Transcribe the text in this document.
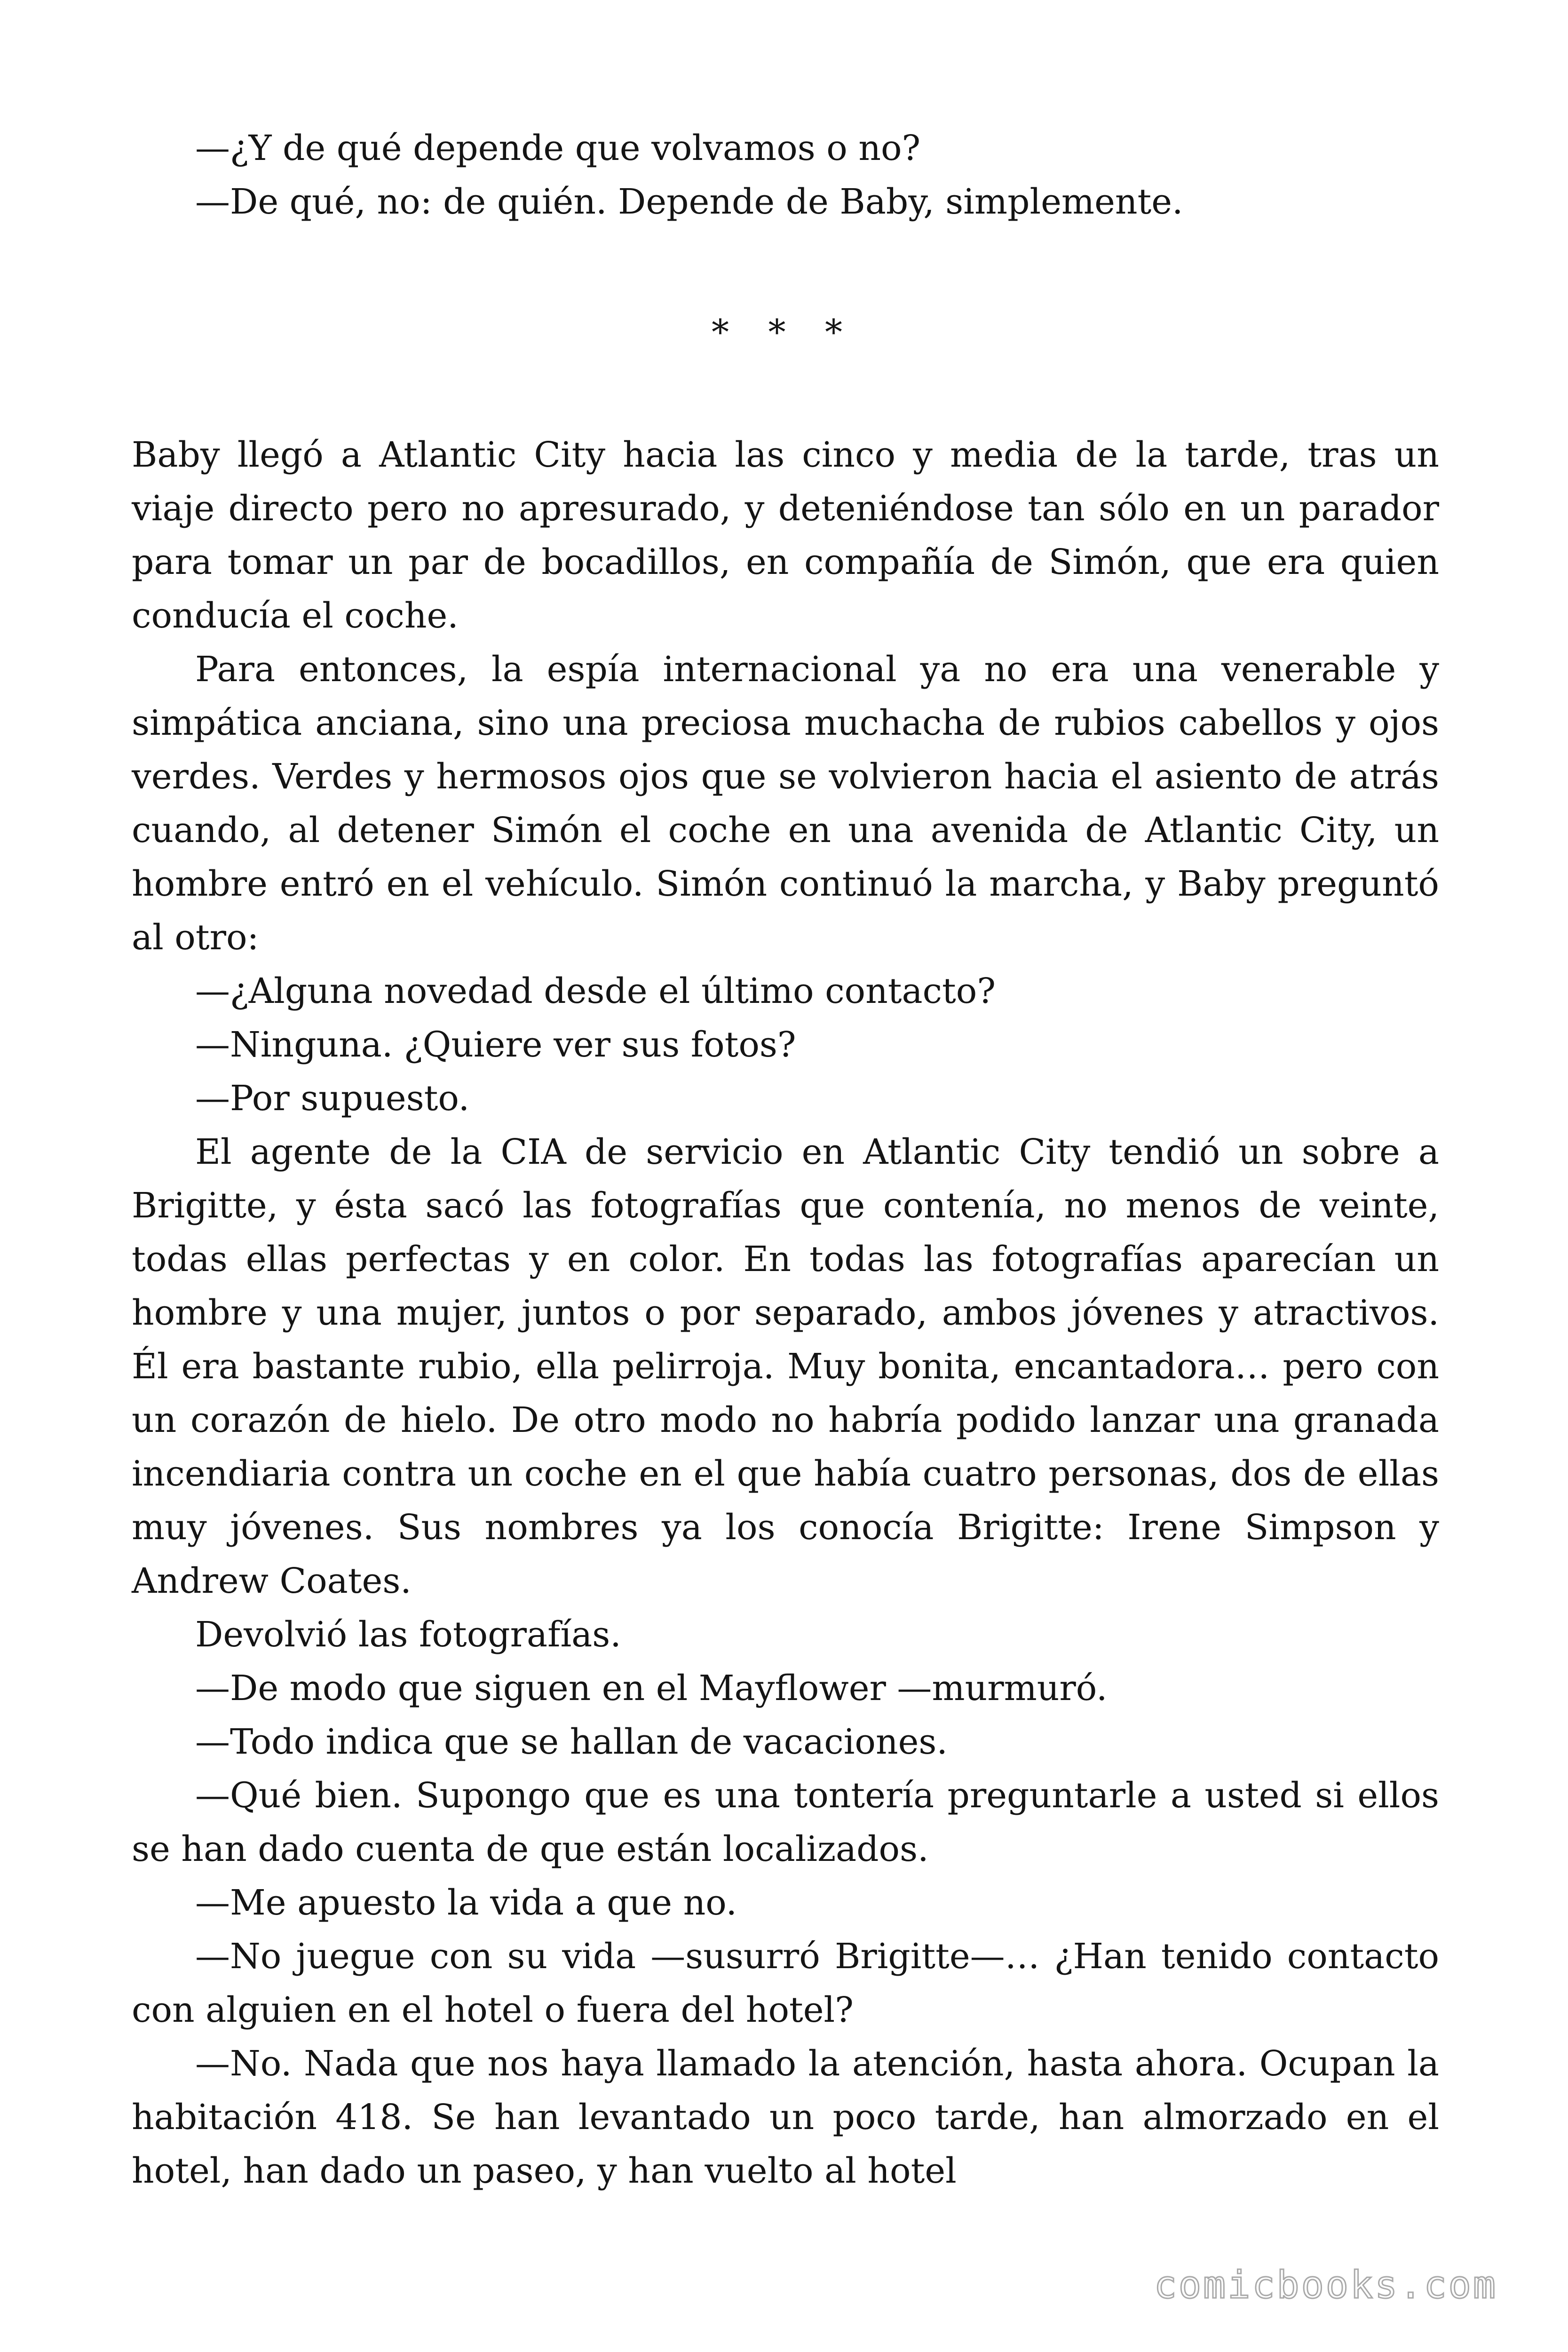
—¿Y de qué depende que volvamos o no?

—De qué, no: de quién. Depende de Baby, simplemente.

* * *

Baby llegó a Atlantic City hacia las cinco y media de la tarde, tras un viaje directo pero no apresurado, y deteniéndose tan sólo en un parador para tomar un par de bocadillos, en compañía de Simón, que era quien conducía el coche.

Para entonces, la espía internacional ya no era una venerable y simpática anciana, sino una preciosa muchacha de rubios cabellos y ojos verdes. Verdes y hermosos ojos que se volvieron hacia el asiento de atrás cuando, al detener Simón el coche en una avenida de Atlantic City, un hombre entró en el vehículo. Simón continuó la marcha, y Baby preguntó al otro:

—¿Alguna novedad desde el último contacto?

—Ninguna. ¿Quiere ver sus fotos?

—Por supuesto.

El agente de la CIA de servicio en Atlantic City tendió un sobre a Brigitte, y ésta sacó las fotografías que contenía, no menos de veinte, todas ellas perfectas y en color. En todas las fotografías aparecían un hombre y una mujer, juntos o por separado, ambos jóvenes y atractivos. Él era bastante rubio, ella pelirroja. Muy bonita, encantadora… pero con un corazón de hielo. De otro modo no habría podido lanzar una granada incendiaria contra un coche en el que había cuatro personas, dos de ellas muy jóvenes. Sus nombres ya los conocía Brigitte: Irene Simpson y Andrew Coates.

Devolvió las fotografías.

—De modo que siguen en el Mayflower —murmuró.

—Todo indica que se hallan de vacaciones.

—Qué bien. Supongo que es una tontería preguntarle a usted si ellos se han dado cuenta de que están localizados.

—Me apuesto la vida a que no.

—No juegue con su vida —susurró Brigitte—… ¿Han tenido contacto con alguien en el hotel o fuera del hotel?

—No. Nada que nos haya llamado la atención, hasta ahora. Ocupan la habitación 418. Se han levantado un poco tarde, han almorzado en el hotel, han dado un paseo, y han vuelto al hotel

comicbooks.com
